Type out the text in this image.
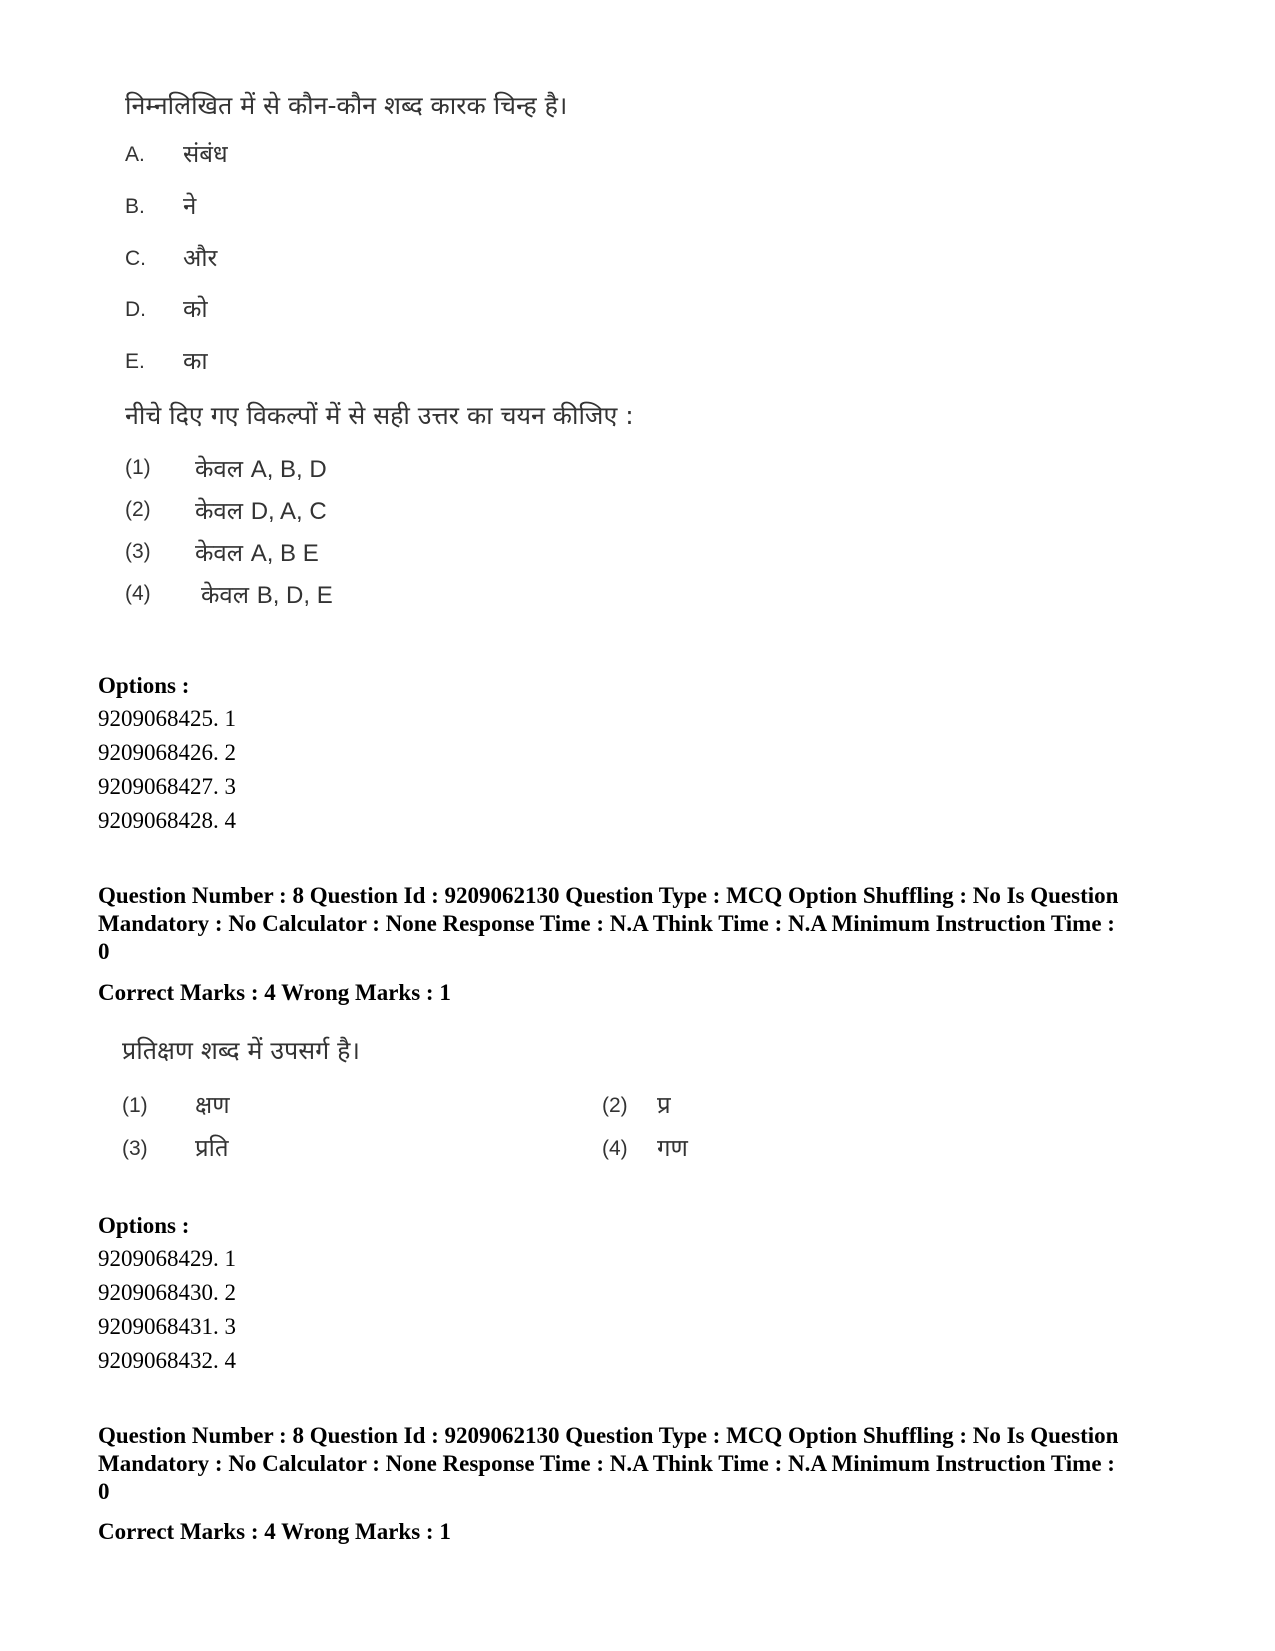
निम्नलिखित में से कौन-कौन शब्द कारक चिन्ह है।
A. संबंध
B. ने
C. और
D. को
E. का
नीचे दिए गए विकल्पों में से सही उत्तर का चयन कीजिए :
(1) केवल A, B, D
(2) केवल D, A, C
(3) केवल A, B E
(4) केवल B, D, E
Options :
9209068425. 1
9209068426. 2
9209068427. 3
9209068428. 4
Question Number : 8 Question Id : 9209062130 Question Type : MCQ Option Shuffling : No Is Question Mandatory : No Calculator : None Response Time : N.A Think Time : N.A Minimum Instruction Time : 0
Correct Marks : 4 Wrong Marks : 1
प्रतिक्षण शब्द में उपसर्ग है।
(1) क्षण	(2) प्र
(3) प्रति	(4) गण
Options :
9209068429. 1
9209068430. 2
9209068431. 3
9209068432. 4
Question Number : 8 Question Id : 9209062130 Question Type : MCQ Option Shuffling : No Is Question Mandatory : No Calculator : None Response Time : N.A Think Time : N.A Minimum Instruction Time : 0
Correct Marks : 4 Wrong Marks : 1
